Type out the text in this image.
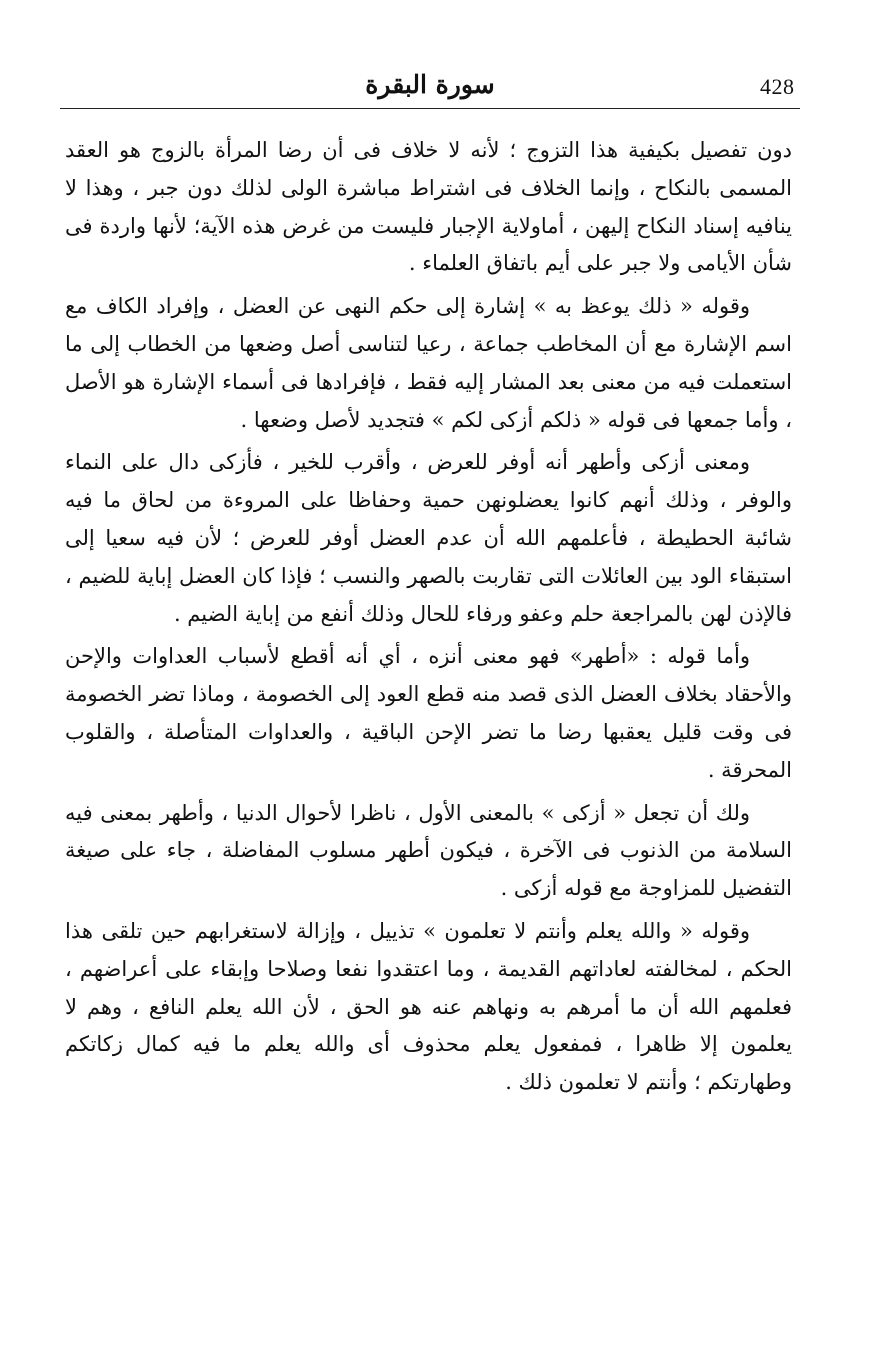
428
سورة البقرة

دون تفصيل بكيفية هذا التزوج ؛ لأنه لا خلاف فى أن رضا المرأة بالزوج هو العقد المسمى بالنكاح ، وإنما الخلاف فى اشتراط مباشرة الولى لذلك دون جبر ، وهذا لا ينافيه إسناد النكاح إليهن ، أماولاية الإجبار فليست من غرض هذه الآية؛ لأنها واردة فى شأن الأيامى ولا جبر على أيم باتفاق العلماء .

وقوله « ذلك يوعظ به » إشارة إلى حكم النهى عن العضل ، وإفراد الكاف مع اسم الإشارة مع أن المخاطب جماعة ، رعيا لتناسى أصل وضعها من الخطاب إلى ما استعملت فيه من معنى بعد المشار إليه فقط ، فإفرادها فى أسماء الإشارة هو الأصل ، وأما جمعها فى قوله « ذلكم أزكى لكم » فتجديد لأصل وضعها .

ومعنى أزكى وأطهر أنه أوفر للعرض ، وأقرب للخير ، فأزكى دال على النماء والوفر ، وذلك أنهم كانوا يعضلونهن حمية وحفاظا على المروءة من لحاق ما فيه شائبة الحطيطة ، فأعلمهم الله أن عدم العضل أوفر للعرض ؛ لأن فيه سعيا إلى استبقاء الود بين العائلات التى تقاربت بالصهر والنسب ؛ فإذا كان العضل إباية للضيم ، فالإذن لهن بالمراجعة حلم وعفو ورفاء للحال وذلك أنفع من إباية الضيم .

وأما قوله : «أطهر» فهو معنى أنزه ، أي أنه أقطع لأسباب العداوات والإحن والأحقاد بخلاف العضل الذى قصد منه قطع العود إلى الخصومة ، وماذا تضر الخصومة فى وقت قليل يعقبها رضا ما تضر الإحن الباقية ، والعداوات المتأصلة ، والقلوب المحرقة .

ولك أن تجعل « أزكى » بالمعنى الأول ، ناظرا لأحوال الدنيا ، وأطهر بمعنى فيه السلامة من الذنوب فى الآخرة ، فيكون أطهر مسلوب المفاضلة ، جاء على صيغة التفضيل للمزاوجة مع قوله أزكى .

وقوله « والله يعلم وأنتم لا تعلمون » تذييل ، وإزالة لاستغرابهم حين تلقى هذا الحكم ، لمخالفته لعاداتهم القديمة ، وما اعتقدوا نفعا وصلاحا وإبقاء على أعراضهم ، فعلمهم الله أن ما أمرهم به ونهاهم عنه هو الحق ، لأن الله يعلم النافع ، وهم لا يعلمون إلا ظاهرا ، فمفعول يعلم محذوف أى والله يعلم ما فيه كمال زكاتكم وطهارتكم ؛ وأنتم لا تعلمون ذلك .
